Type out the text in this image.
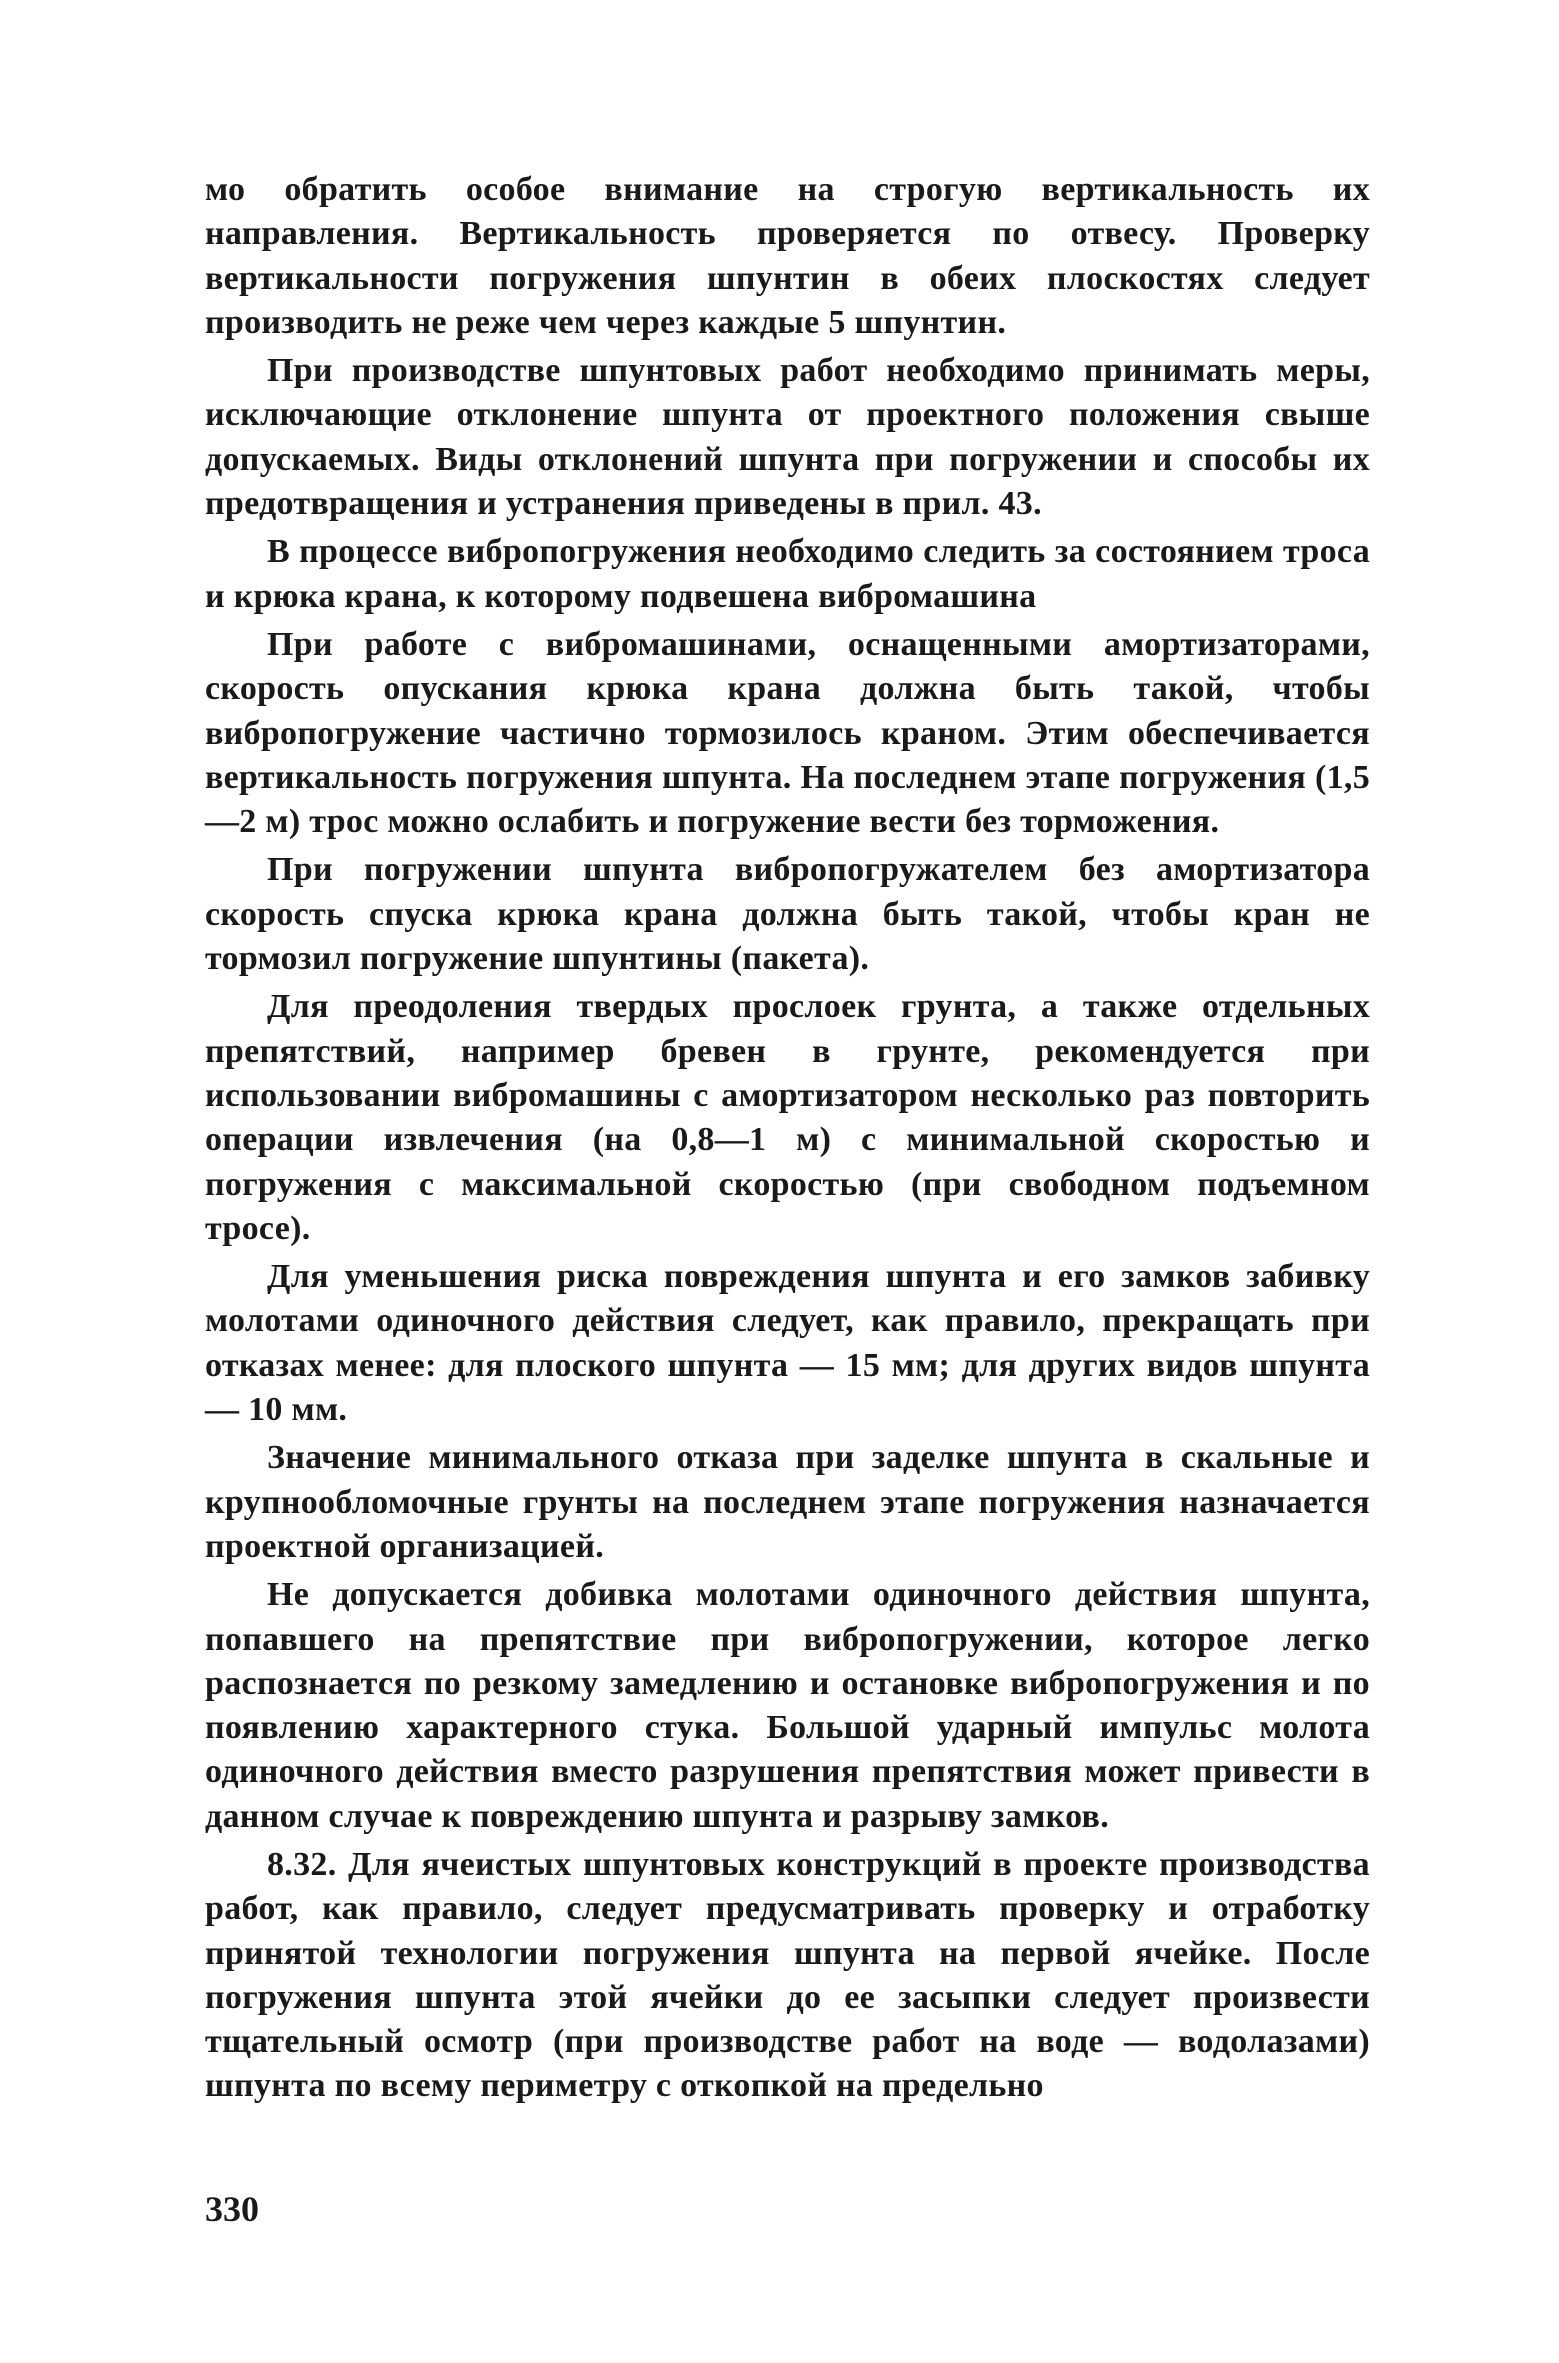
мо обратить особое внимание на строгую вертикальность их направления. Вертикальность проверяется по отвесу. Проверку вертикальности погружения шпунтин в обеих плоскостях следует производить не реже чем через каждые 5 шпунтин.

При производстве шпунтовых работ необходимо принимать меры, исключающие отклонение шпунта от проектного положения свыше допускаемых. Виды отклонений шпунта при погружении и способы их предотвращения и устранения приведены в прил. 43.

В процессе вибропогружения необходимо следить за состоянием троса и крюка крана, к которому подвешена вибромашина

При работе с вибромашинами, оснащенными амортизаторами, скорость опускания крюка крана должна быть такой, чтобы вибропогружение частично тормозилось краном. Этим обеспечивается вертикальность погружения шпунта. На последнем этапе погружения (1,5—2 м) трос можно ослабить и погружение вести без торможения.

При погружении шпунта вибропогружателем без амортизатора скорость спуска крюка крана должна быть такой, чтобы кран не тормозил погружение шпунтины (пакета).

Для преодоления твердых прослоек грунта, а также отдельных препятствий, например бревен в грунте, рекомендуется при использовании вибромашины с амортизатором несколько раз повторить операции извлечения (на 0,8—1 м) с минимальной скоростью и погружения с максимальной скоростью (при свободном подъемном тросе).

Для уменьшения риска повреждения шпунта и его замков забивку молотами одиночного действия следует, как правило, прекращать при отказах менее: для плоского шпунта — 15 мм; для других видов шпунта — 10 мм.

Значение минимального отказа при заделке шпунта в скальные и крупнообломочные грунты на последнем этапе погружения назначается проектной организацией.

Не допускается добивка молотами одиночного действия шпунта, попавшего на препятствие при вибропогружении, которое легко распознается по резкому замедлению и остановке вибропогружения и по появлению характерного стука. Большой ударный импульс молота одиночного действия вместо разрушения препятствия может привести в данном случае к повреждению шпунта и разрыву замков.

8.32. Для ячеистых шпунтовых конструкций в проекте производства работ, как правило, следует предусматривать проверку и отработку принятой технологии погружения шпунта на первой ячейке. После погружения шпунта этой ячейки до ее засыпки следует произвести тщательный осмотр (при производстве работ на воде — водолазами) шпунта по всему периметру с откопкой на предельно

330
